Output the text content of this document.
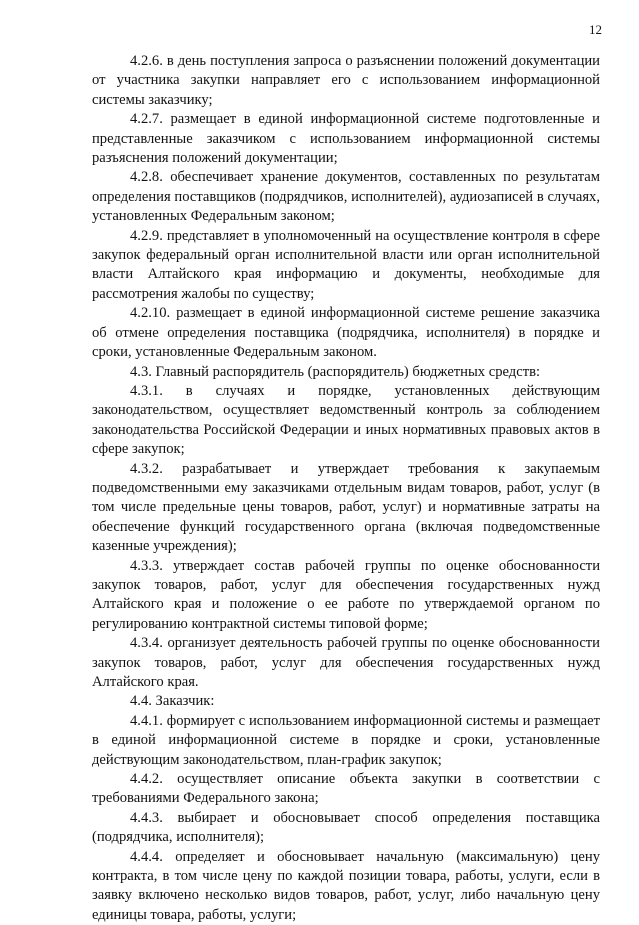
12

4.2.6. в день поступления запроса о разъяснении положений документации от участника закупки направляет его с использованием информационной системы заказчику;

4.2.7. размещает в единой информационной системе подготовленные и представленные заказчиком с использованием информационной системы разъяснения положений документации;

4.2.8. обеспечивает хранение документов, составленных по результатам определения поставщиков (подрядчиков, исполнителей), аудиозаписей в случаях, установленных Федеральным законом;

4.2.9. представляет в уполномоченный на осуществление контроля в сфере закупок федеральный орган исполнительной власти или орган исполнительной власти Алтайского края информацию и документы, необходимые для рассмотрения жалобы по существу;

4.2.10. размещает в единой информационной системе решение заказчика об отмене определения поставщика (подрядчика, исполнителя) в порядке и сроки, установленные Федеральным законом.

4.3. Главный распорядитель (распорядитель) бюджетных средств:

4.3.1. в случаях и порядке, установленных действующим законодательством, осуществляет ведомственный контроль за соблюдением законодательства Российской Федерации и иных нормативных правовых актов в сфере закупок;

4.3.2. разрабатывает и утверждает требования к закупаемым подведомственными ему заказчиками отдельным видам товаров, работ, услуг (в том числе предельные цены товаров, работ, услуг) и нормативные затраты на обеспечение функций государственного органа (включая подведомственные казенные учреждения);

4.3.3. утверждает состав рабочей группы по оценке обоснованности закупок товаров, работ, услуг для обеспечения государственных нужд Алтайского края и положение о ее работе по утверждаемой органом по регулированию контрактной системы типовой форме;

4.3.4. организует деятельность рабочей группы по оценке обоснованности закупок товаров, работ, услуг для обеспечения государственных нужд Алтайского края.

4.4. Заказчик:

4.4.1. формирует с использованием информационной системы и размещает в единой информационной системе в порядке и сроки, установленные действующим законодательством, план-график закупок;

4.4.2. осуществляет описание объекта закупки в соответствии с требованиями Федерального закона;

4.4.3. выбирает и обосновывает способ определения поставщика (подрядчика, исполнителя);

4.4.4. определяет и обосновывает начальную (максимальную) цену контракта, в том числе цену по каждой позиции товара, работы, услуги, если в заявку включено несколько видов товаров, работ, услуг, либо начальную цену единицы товара, работы, услуги;
